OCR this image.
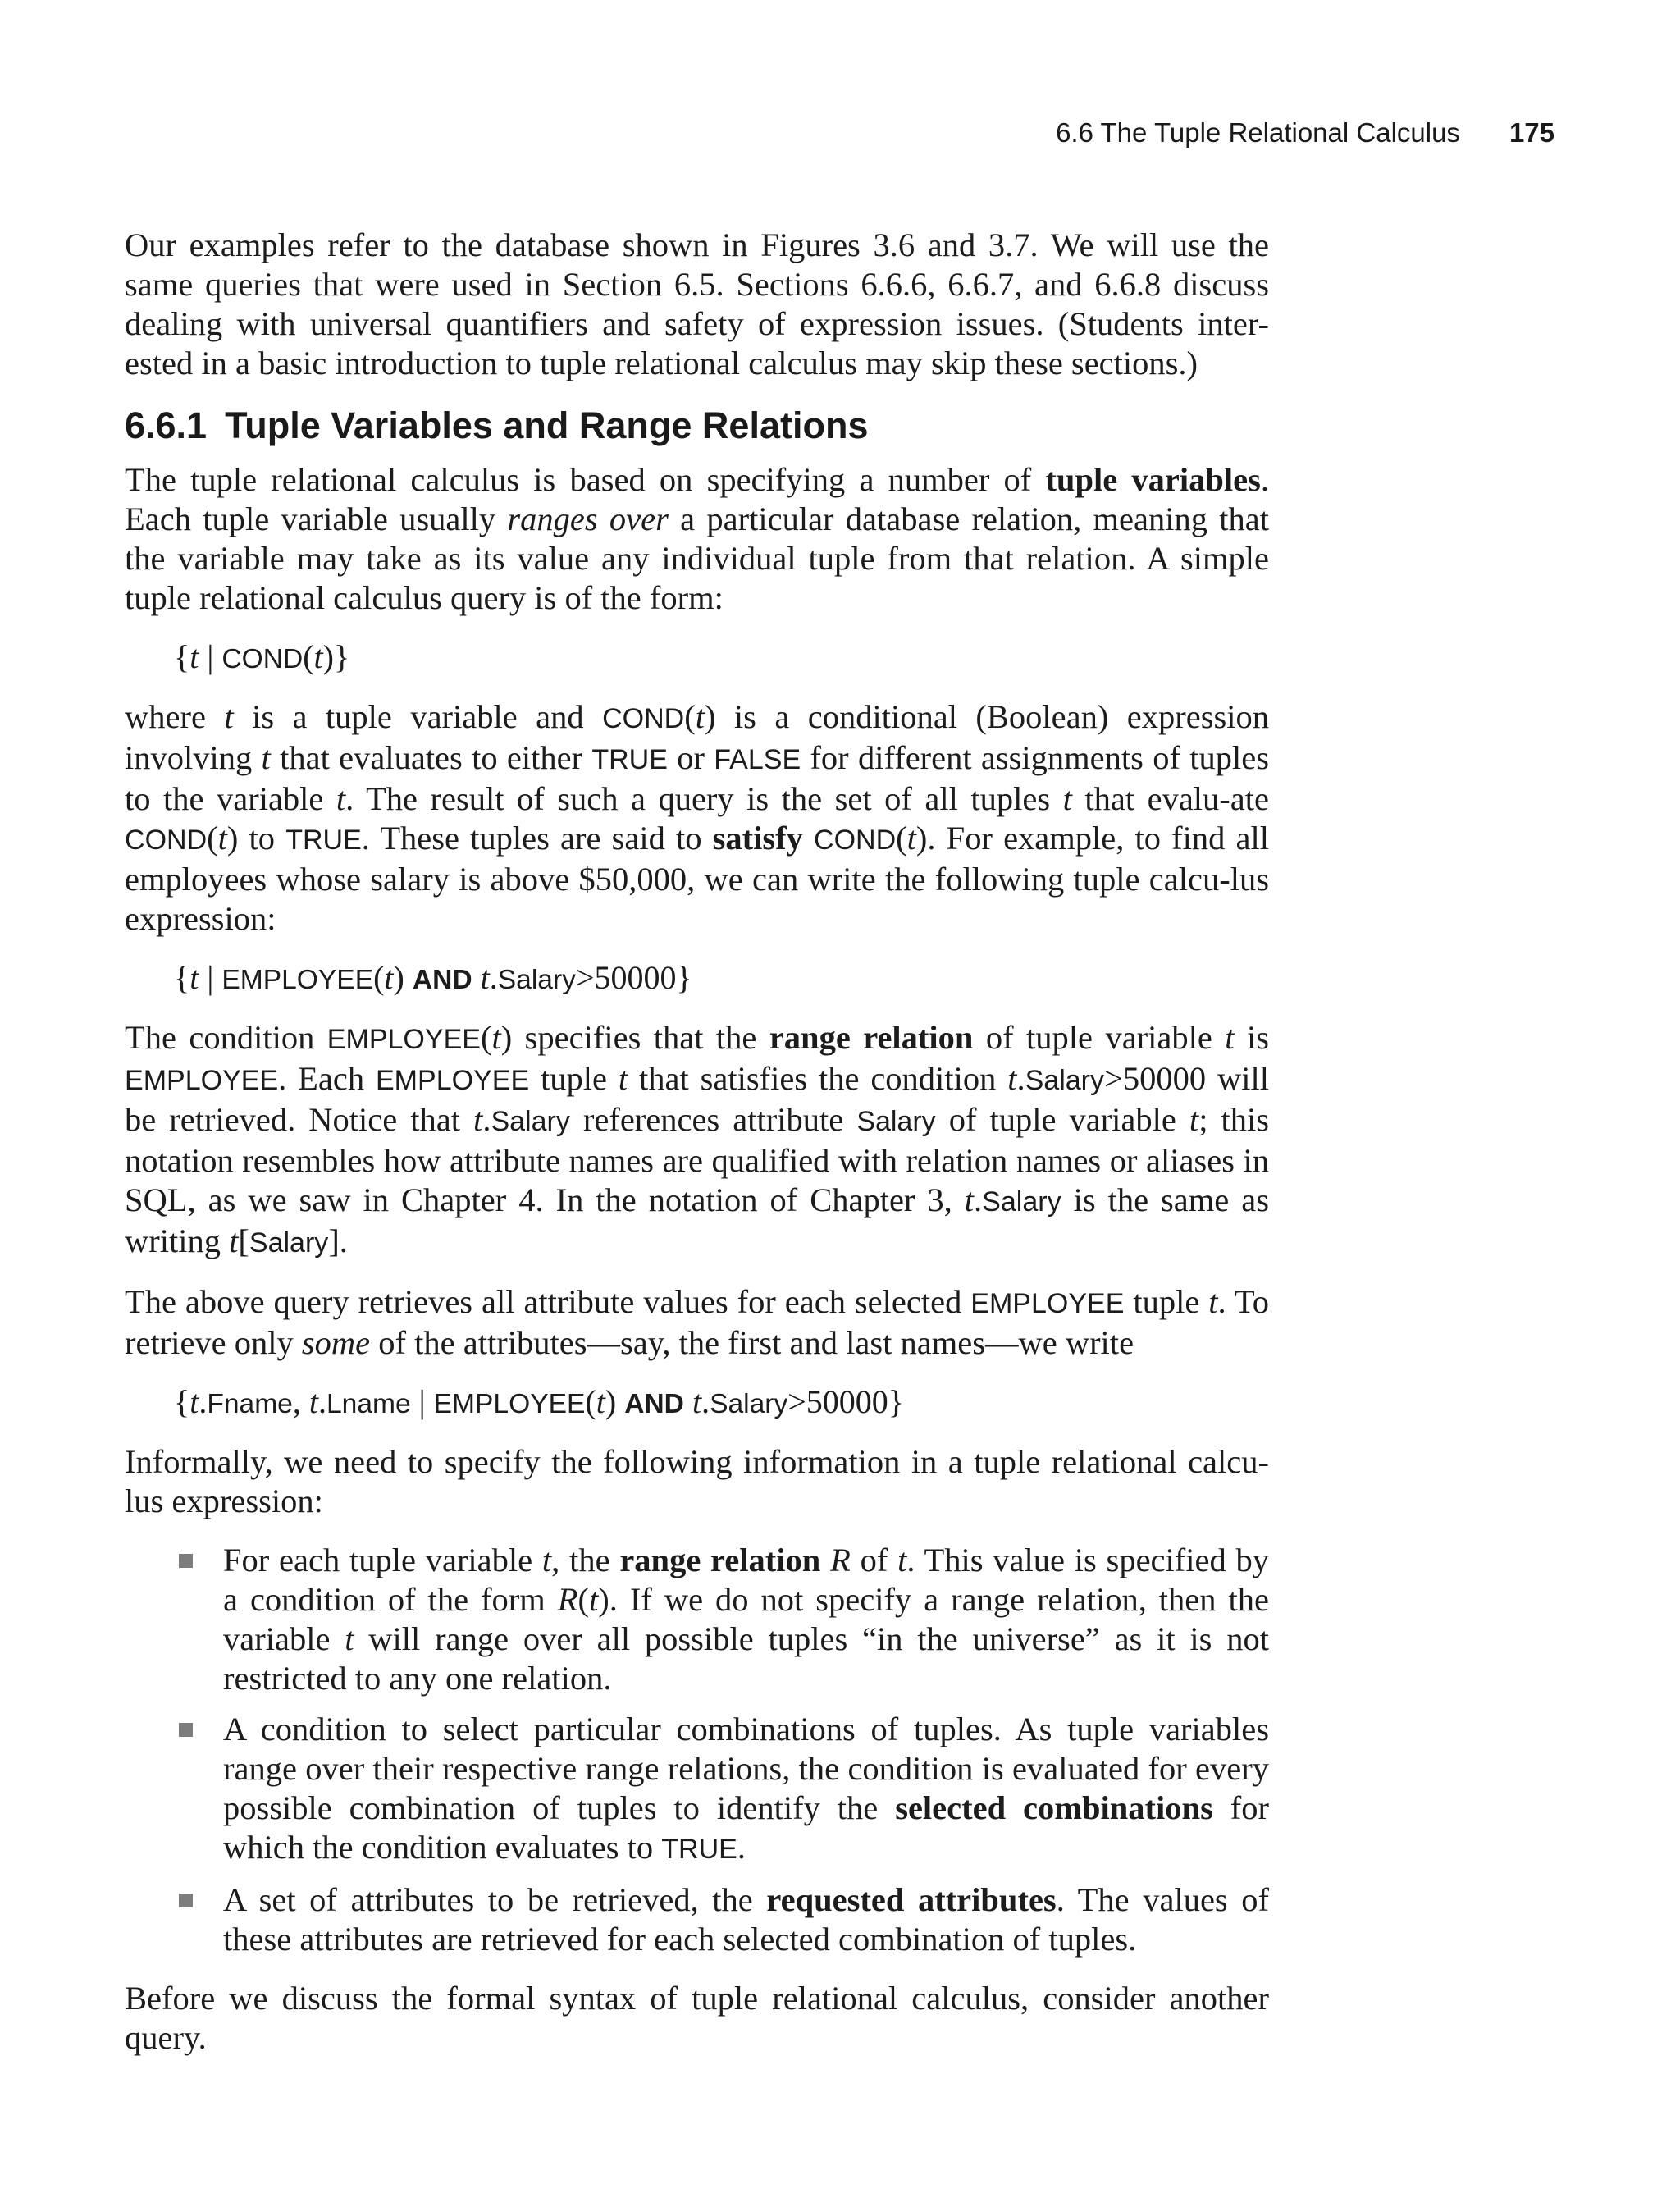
6.6 The Tuple Relational Calculus 175

Our examples refer to the database shown in Figures 3.6 and 3.7. We will use the same queries that were used in Section 6.5. Sections 6.6.6, 6.6.7, and 6.6.8 discuss dealing with universal quantifiers and safety of expression issues. (Students inter-ested in a basic introduction to tuple relational calculus may skip these sections.)

6.6.1 Tuple Variables and Range Relations

The tuple relational calculus is based on specifying a number of tuple variables. Each tuple variable usually ranges over a particular database relation, meaning that the variable may take as its value any individual tuple from that relation. A simple tuple relational calculus query is of the form:

{t | COND(t)}

where t is a tuple variable and COND(t) is a conditional (Boolean) expression involving t that evaluates to either TRUE or FALSE for different assignments of tuples to the variable t. The result of such a query is the set of all tuples t that evalu-ate COND(t) to TRUE. These tuples are said to satisfy COND(t). For example, to find all employees whose salary is above $50,000, we can write the following tuple calcu-lus expression:

{t | EMPLOYEE(t) AND t.Salary>50000}

The condition EMPLOYEE(t) specifies that the range relation of tuple variable t is EMPLOYEE. Each EMPLOYEE tuple t that satisfies the condition t.Salary>50000 will be retrieved. Notice that t.Salary references attribute Salary of tuple variable t; this notation resembles how attribute names are qualified with relation names or aliases in SQL, as we saw in Chapter 4. In the notation of Chapter 3, t.Salary is the same as writing t[Salary].

The above query retrieves all attribute values for each selected EMPLOYEE tuple t. To retrieve only some of the attributes—say, the first and last names—we write

{t.Fname, t.Lname | EMPLOYEE(t) AND t.Salary>50000}

Informally, we need to specify the following information in a tuple relational calcu-lus expression:

For each tuple variable t, the range relation R of t. This value is specified by a condition of the form R(t). If we do not specify a range relation, then the variable t will range over all possible tuples “in the universe” as it is not restricted to any one relation.
A condition to select particular combinations of tuples. As tuple variables range over their respective range relations, the condition is evaluated for every possible combination of tuples to identify the selected combinations for which the condition evaluates to TRUE.
A set of attributes to be retrieved, the requested attributes. The values of these attributes are retrieved for each selected combination of tuples.

Before we discuss the formal syntax of tuple relational calculus, consider another query.
